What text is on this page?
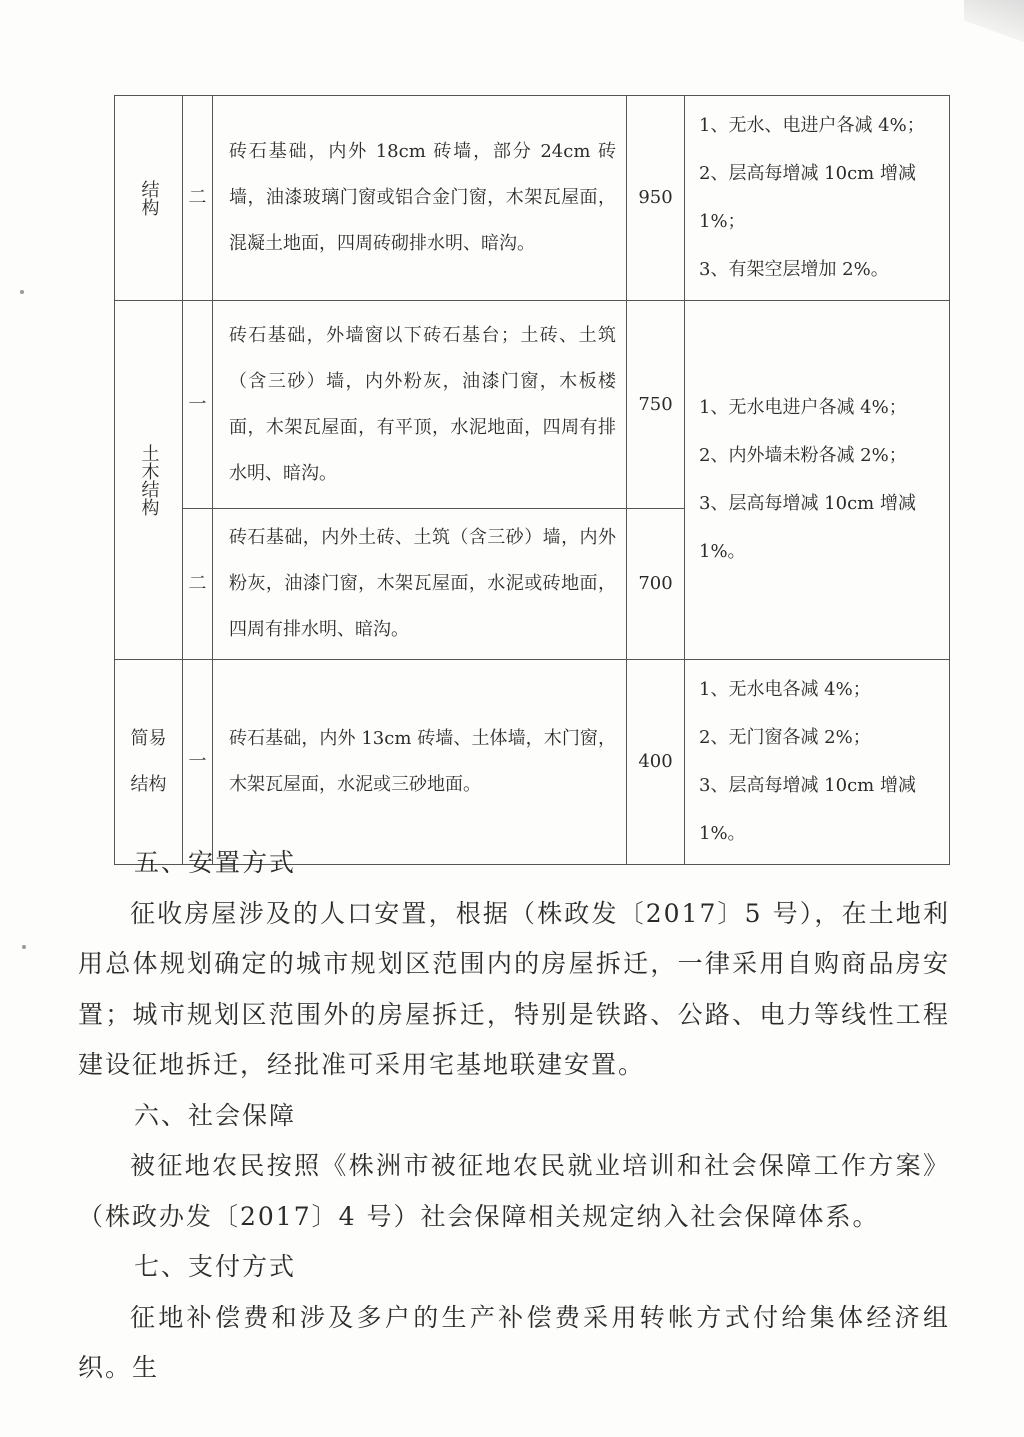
结构	二	砖石基础，内外 18cm 砖墙，部分 24cm 砖墙，油漆玻璃门窗或铝合金门窗，木架瓦屋面，混凝土地面，四周砖砌排水明、暗沟。	950	1、无水、电进户各减 4%；
2、层高每增减 10cm 增减 1%；
3、有架空层增加 2%。

土木结构	一	砖石基础，外墙窗以下砖石基台；土砖、土筑（含三砂）墙，内外粉灰，油漆门窗，木板楼面，木架瓦屋面，有平顶，水泥地面，四周有排水明、暗沟。	750	1、无水电进户各减 4%；
2、内外墙未粉各减 2%；
3、层高每增减 10cm 增减 1%。

	二	砖石基础，内外土砖、土筑（含三砂）墙，内外粉灰，油漆门窗，木架瓦屋面，水泥或砖地面，四周有排水明、暗沟。	700	

简易结构	一	砖石基础，内外 13cm 砖墙、土体墙，木门窗，木架瓦屋面，水泥或三砂地面。	400	1、无水电各减 4%；
2、无门窗各减 2%；
3、层高每增减 10cm 增减 1%。

五、安置方式

征收房屋涉及的人口安置，根据（株政发〔2017〕5 号），在土地利用总体规划确定的城市规划区范围内的房屋拆迁，一律采用自购商品房安置；城市规划区范围外的房屋拆迁，特别是铁路、公路、电力等线性工程建设征地拆迁，经批准可采用宅基地联建安置。

六、社会保障

被征地农民按照《株洲市被征地农民就业培训和社会保障工作方案》（株政办发〔2017〕4 号）社会保障相关规定纳入社会保障体系。

七、支付方式

征地补偿费和涉及多户的生产补偿费采用转帐方式付给集体经济组织。生
